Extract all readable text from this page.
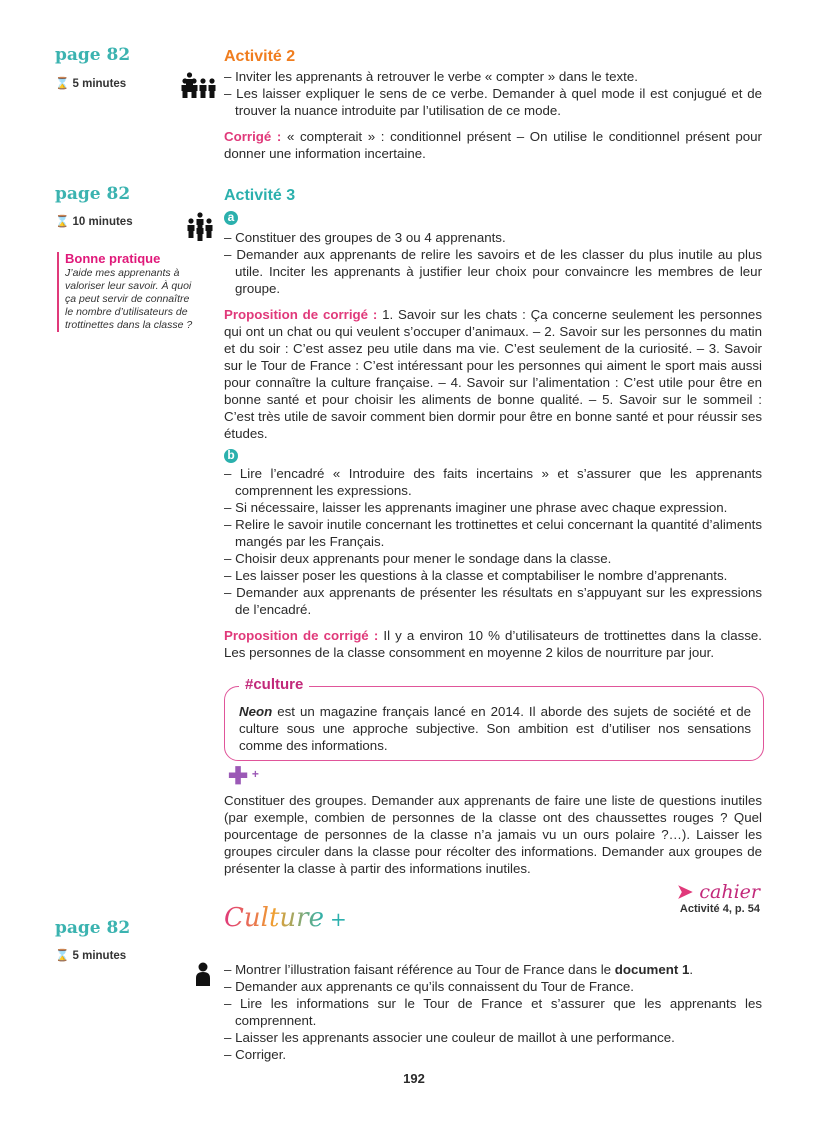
page 82
⌛ 5 minutes
Activité 2
– Inviter les apprenants à retrouver le verbe « compter » dans le texte.
– Les laisser expliquer le sens de ce verbe. Demander à quel mode il est conjugué et de trouver la nuance introduite par l’utilisation de ce mode.

Corrigé : « compterait » : conditionnel présent – On utilise le conditionnel présent pour donner une information incertaine.

page 82
⌛ 10 minutes
Bonne pratique
J’aide mes apprenants à valoriser leur savoir. À quoi ça peut servir de connaître le nombre d’utilisateurs de trottinettes dans la classe ?
Activité 3
a
– Constituer des groupes de 3 ou 4 apprenants.
– Demander aux apprenants de relire les savoirs et de les classer du plus inutile au plus utile. Inciter les apprenants à justifier leur choix pour convaincre les membres de leur groupe.

Proposition de corrigé : 1. Savoir sur les chats : Ça concerne seulement les personnes qui ont un chat ou qui veulent s’occuper d’animaux. – 2. Savoir sur les personnes du matin et du soir : C’est assez peu utile dans ma vie. C’est seulement de la curiosité. – 3. Savoir sur le Tour de France : C’est intéressant pour les personnes qui aiment le sport mais aussi pour connaître la culture française. – 4. Savoir sur l’alimentation : C’est utile pour être en bonne santé et pour choisir les aliments de bonne qualité. – 5. Savoir sur le sommeil : C’est très utile de savoir comment bien dormir pour être en bonne santé et pour réussir ses études.

b
– Lire l’encadré « Introduire des faits incertains » et s’assurer que les apprenants comprennent les expressions.
– Si nécessaire, laisser les apprenants imaginer une phrase avec chaque expression.
– Relire le savoir inutile concernant les trottinettes et celui concernant la quantité d’aliments mangés par les Français.
– Choisir deux apprenants pour mener le sondage dans la classe.
– Les laisser poser les questions à la classe et comptabiliser le nombre d’apprenants.
– Demander aux apprenants de présenter les résultats en s’appuyant sur les expressions de l’encadré.

Proposition de corrigé : Il y a environ 10 % d’utilisateurs de trottinettes dans la classe. Les personnes de la classe consomment en moyenne 2 kilos de nourriture par jour.

#culture

Neon est un magazine français lancé en 2014. Il aborde des sujets de société et de culture sous une approche subjective. Son ambition est d’utiliser nos sensations comme des informations.

✚ +

Constituer des groupes. Demander aux apprenants de faire une liste de questions inutiles (par exemple, combien de personnes de la classe ont des chaussettes rouges ? Quel pourcentage de personnes de la classe n’a jamais vu un ours polaire ?…). Laisser les groupes circuler dans la classe pour récolter des informations. Demander aux groupes de présenter la classe à partir des informations inutiles.

➤ cahier
Activité 4, p. 54
page 82
⌛ 5 minutes
Culture +
– Montrer l’illustration faisant référence au Tour de France dans le document 1.
– Demander aux apprenants ce qu’ils connaissent du Tour de France.
– Lire les informations sur le Tour de France et s’assurer que les apprenants les comprennent.
– Laisser les apprenants associer une couleur de maillot à une performance.
– Corriger.
192
